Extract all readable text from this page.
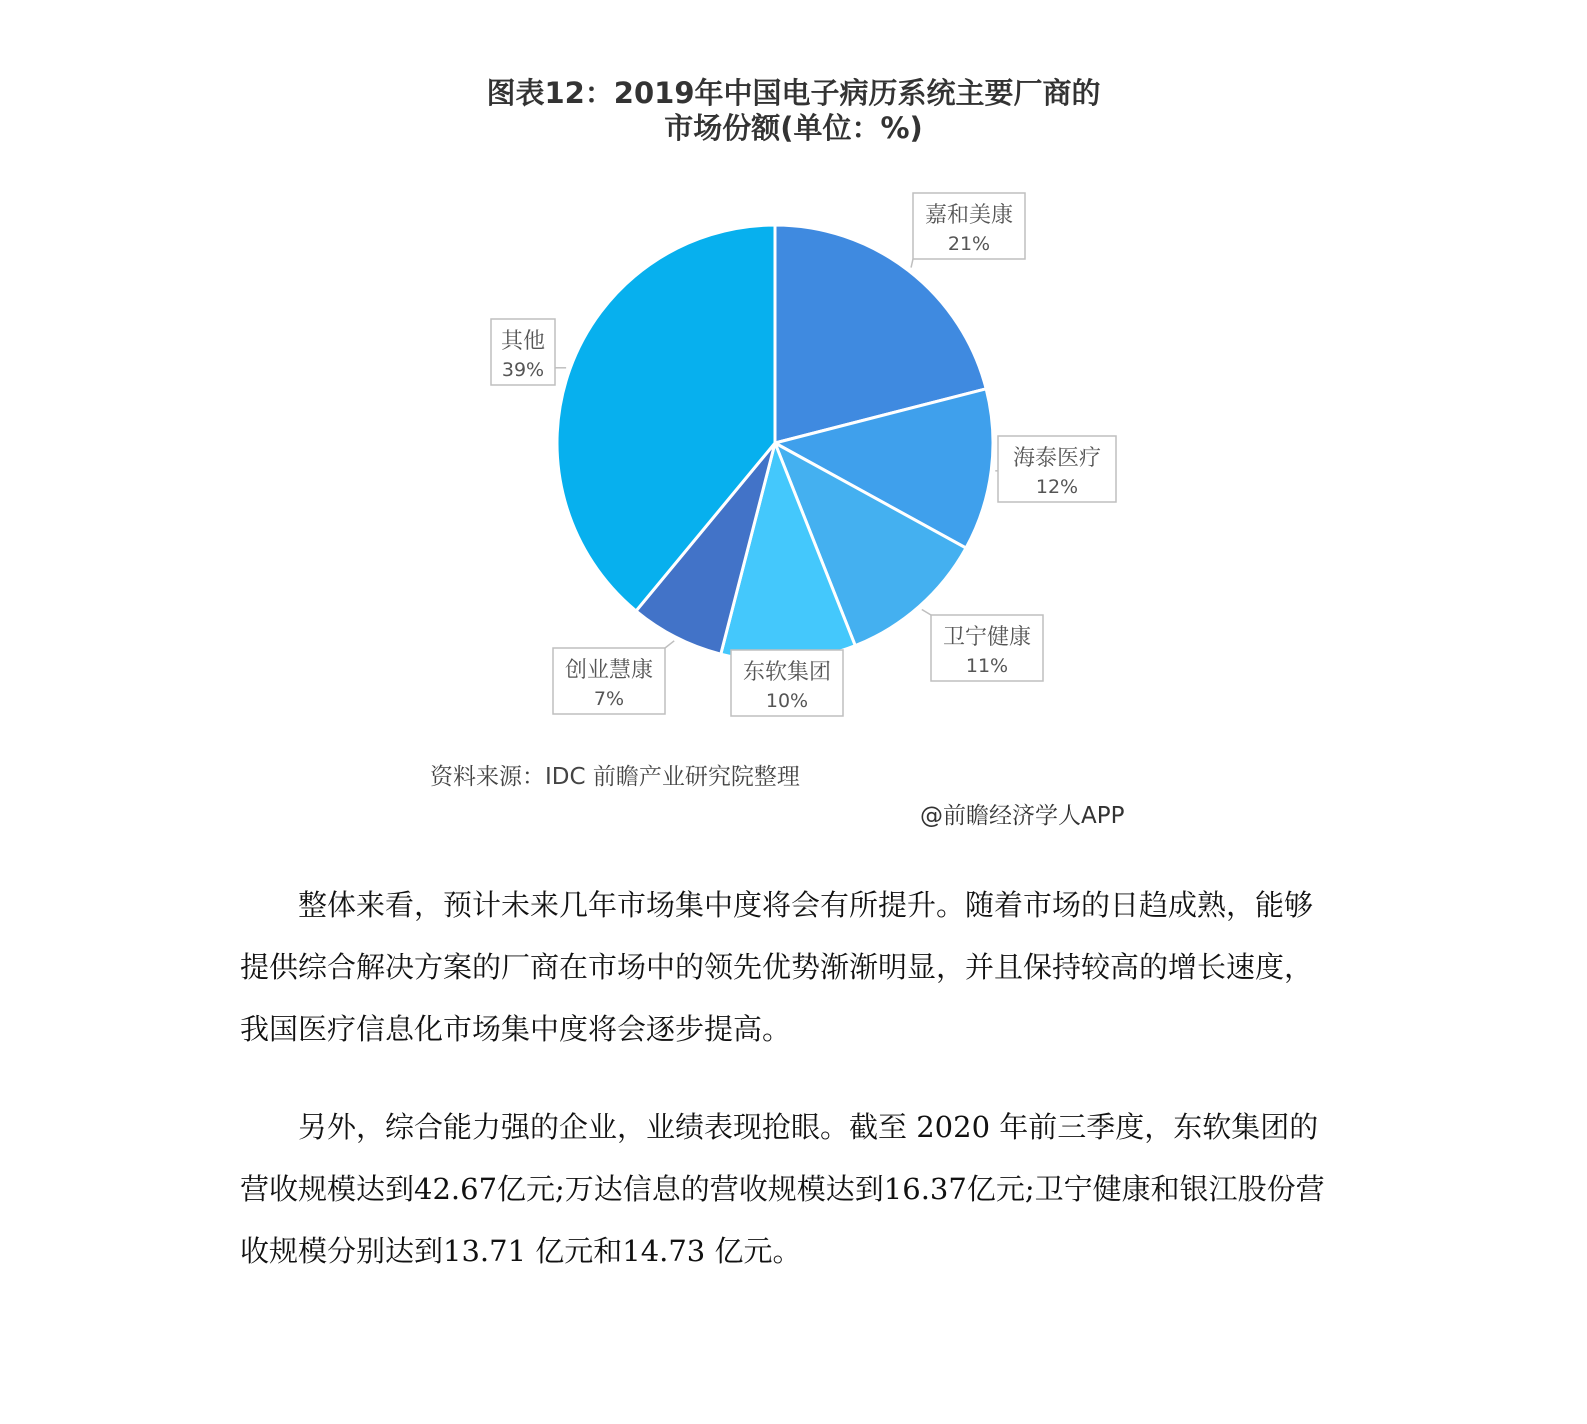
图表12：2019年中国电子病历系统主要厂商的
市场份额(单位：%)
嘉和美康
21%
海泰医疗
12%
卫宁健康
11%
东软集团
10%
创业慧康
7%
其他
39%
资料来源：IDC 前瞻产业研究院整理
@前瞻经济学人APP

整体来看，预计未来几年市场集中度将会有所提升。随着市场的日趋成熟，能够提供综合解决方案的厂商在市场中的领先优势渐渐明显，并且保持较高的增长速度，我国医疗信息化市场集中度将会逐步提高。

另外，综合能力强的企业，业绩表现抢眼。截至 2020 年前三季度，东软集团的营收规模达到42.67亿元;万达信息的营收规模达到16.37亿元;卫宁健康和银江股份营收规模分别达到13.71 亿元和14.73 亿元。
